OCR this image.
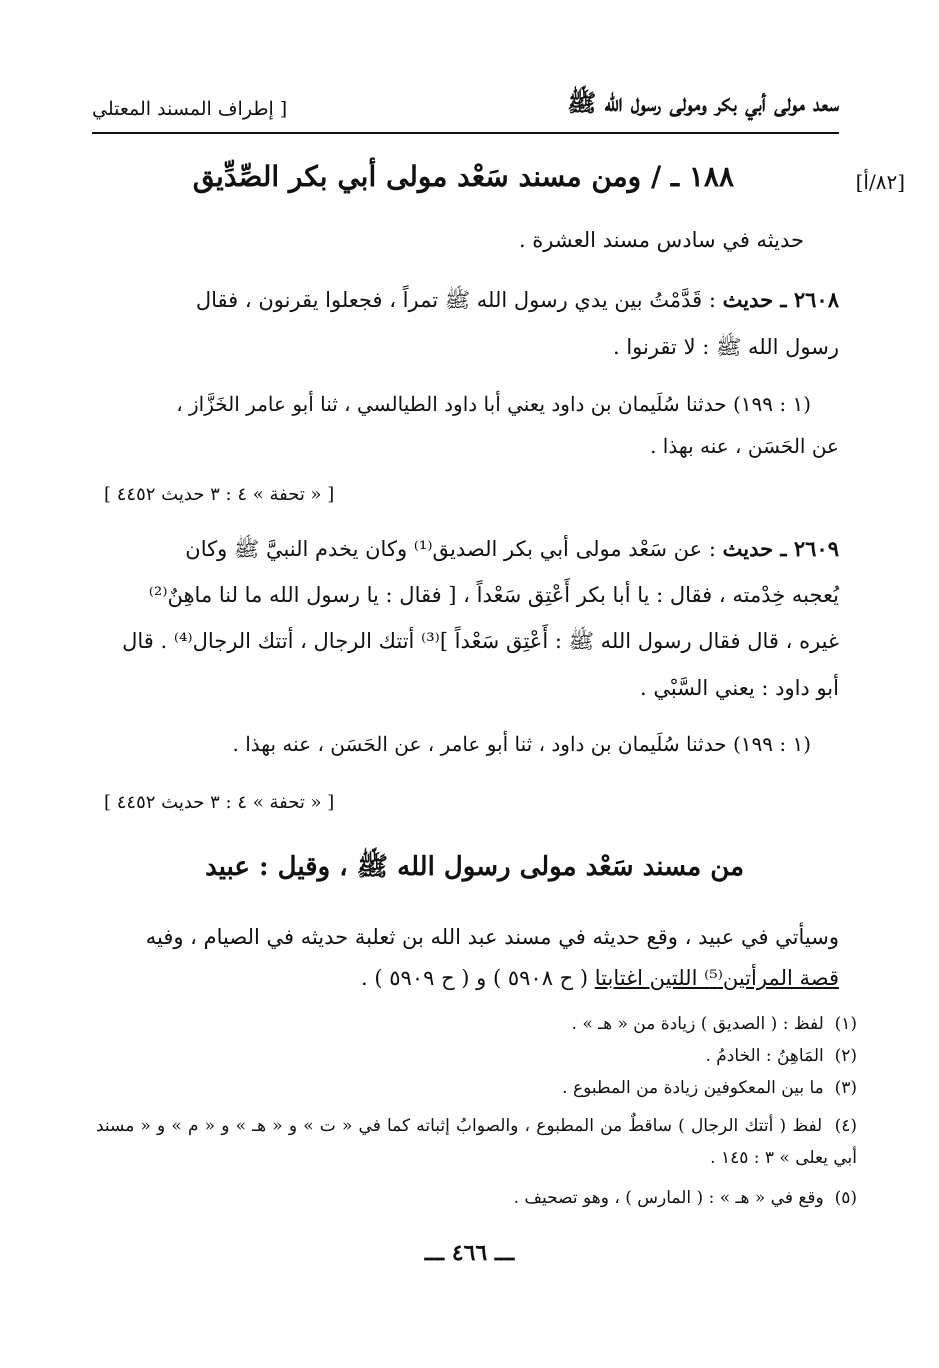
سعد مولى أبي بكر ومولى رسول الله ﷺ
[ إطراف المسند المعتلي
[٨٢/أ]
١٨٨ ـ / ومن مسند سَعْد مولى أبي بكر الصِّدِّيق
حديثه في سادس مسند العشرة .
٢٦٠٨ ـ حديث : قَدَّمْتُ بين يدي رسول الله ﷺ تمراً ، فجعلوا يقرنون ، فقال
رسول الله ﷺ : لا تقرنوا .
(١ : ١٩٩) حدثنا سُلَيمان بن داود يعني أبا داود الطيالسي ، ثنا أبو عامر الخَزَّاز ،
عن الحَسَن ، عنه بهذا .
[ « تحفة » ٤ : ٣ حديث ٤٤٥٢ ]
٢٦٠٩ ـ حديث : عن سَعْد مولى أبي بكر الصديق⁽¹⁾ وكان يخدم النبيَّ ﷺ وكان
يُعجبه خِدْمته ، فقال : يا أبا بكر أَعْتِق سَعْداً ، [ فقال : يا رسول الله ما لنا ماهِنٌ⁽²⁾
غيره ، قال فقال رسول الله ﷺ : أَعْتِق سَعْداً ]⁽³⁾ أتتك الرجال ، أتتك الرجال⁽⁴⁾ . قال
أبو داود : يعني السَّبْي .
(١ : ١٩٩) حدثنا سُلَيمان بن داود ، ثنا أبو عامر ، عن الحَسَن ، عنه بهذا .
[ « تحفة » ٤ : ٣ حديث ٤٤٥٢ ]
من مسند سَعْد مولى رسول الله ﷺ ، وقيل : عبيد
وسيأتي في عبيد ، وقع حديثه في مسند عبد الله بن ثعلبة حديثه في الصيام ، وفيه
قصة المرأتين⁽⁵⁾ اللتين اغتابتا ( ح ٥٩٠٨ ) و ( ح ٥٩٠٩ ) .
(١)  لفظ : ( الصديق ) زيادة من « هـ » .
(٢)  المَاهِنُ : الخادمُ .
(٣)  ما بين المعكوفين زيادة من المطبوع .
(٤)  لفظ ( أتتك الرجال ) ساقطٌ من المطبوع ، والصوابُ إثباته كما في « ت » و « هـ » و « م » و « مسند أبي يعلى » ٣ : ١٤٥ .
(٥)  وقع في « هـ » : ( المارس ) ، وهو تصحيف .
ـــ ٤٦٦ ـــ
